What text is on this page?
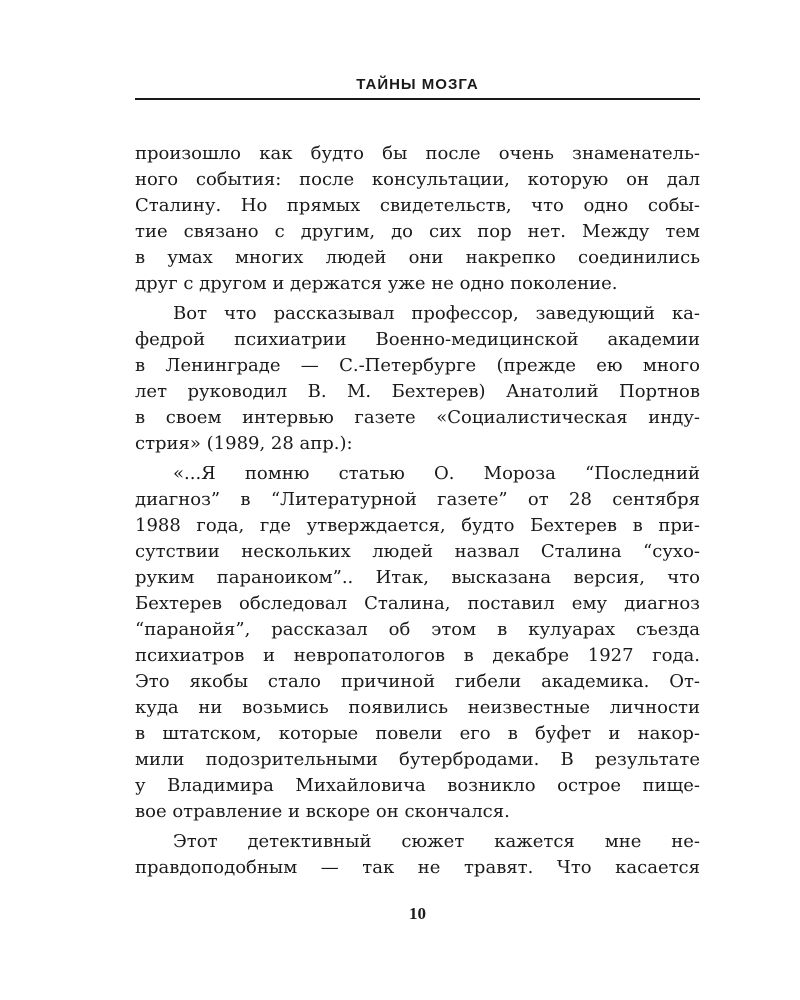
ТАЙНЫ МОЗГА

произошло как будто бы после очень знаменатель-
ного события: после консультации, которую он дал
Сталину. Но прямых свидетельств, что одно собы-
тие связано с другим, до сих пор нет. Между тем
в умах многих людей они накрепко соединились
друг с другом и держатся уже не одно поколение.

Вот что рассказывал профессор, заведующий ка-
федрой психиатрии Военно-медицинской академии
в Ленинграде — С.-Петербурге (прежде ею много
лет руководил В. М. Бехтерев) Анатолий Портнов
в своем интервью газете «Социалистическая инду-
стрия» (1989, 28 апр.):

«...Я помню статью О. Мороза “Последний
диагноз” в “Литературной газете” от 28 сентября
1988 года, где утверждается, будто Бехтерев в при-
сутствии нескольких людей назвал Сталина “сухо-
руким параноиком”.. Итак, высказана версия, что
Бехтерев обследовал Сталина, поставил ему диагноз
“паранойя”, рассказал об этом в кулуарах съезда
психиатров и невропатологов в декабре 1927 года.
Это якобы стало причиной гибели академика. От-
куда ни возьмись появились неизвестные личности
в штатском, которые повели его в буфет и накор-
мили подозрительными бутербродами. В результате
у Владимира Михайловича возникло острое пище-
вое отравление и вскоре он скончался.

Этот детективный сюжет кажется мне не-
правдоподобным — так не травят. Что касается

10
